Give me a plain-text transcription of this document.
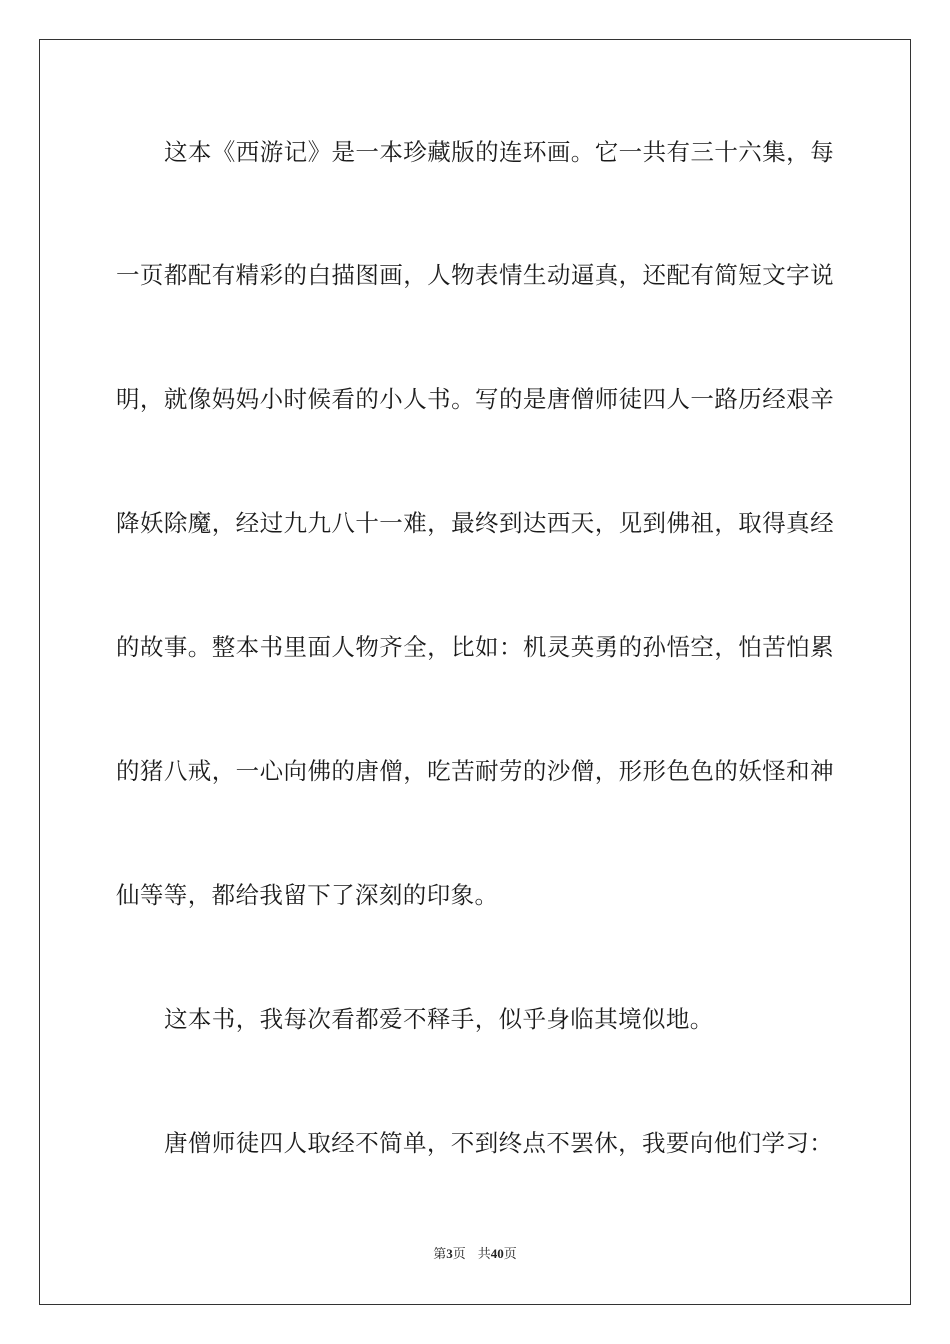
这本《西游记》是一本珍藏版的连环画。它一共有三十六集，每
一页都配有精彩的白描图画，人物表情生动逼真，还配有简短文字说
明，就像妈妈小时候看的小人书。写的是唐僧师徒四人一路历经艰辛
降妖除魔，经过九九八十一难，最终到达西天，见到佛祖，取得真经
的故事。整本书里面人物齐全，比如：机灵英勇的孙悟空，怕苦怕累
的猪八戒，一心向佛的唐僧，吃苦耐劳的沙僧，形形色色的妖怪和神
仙等等，都给我留下了深刻的印象。
这本书，我每次看都爱不释手，似乎身临其境似地。
唐僧师徒四人取经不简单，不到终点不罢休，我要向他们学习：
第3页 共40页
